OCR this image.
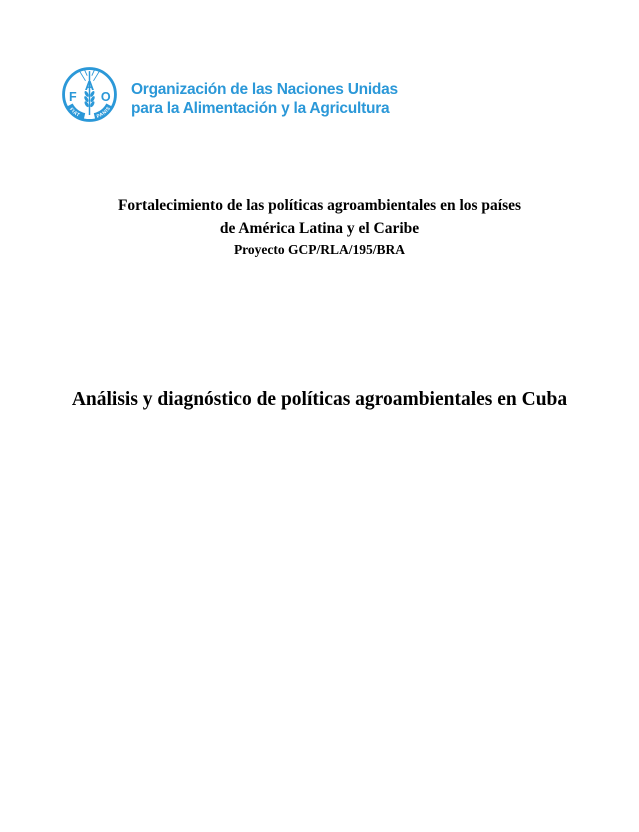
F
A
O
FIAT PANIS
Organización de las Naciones Unidas
para la Alimentación y la Agricultura
Fortalecimiento de las políticas agroambientales en los países
de América Latina y el Caribe
Proyecto GCP/RLA/195/BRA
Análisis y diagnóstico de políticas agroambientales en Cuba
